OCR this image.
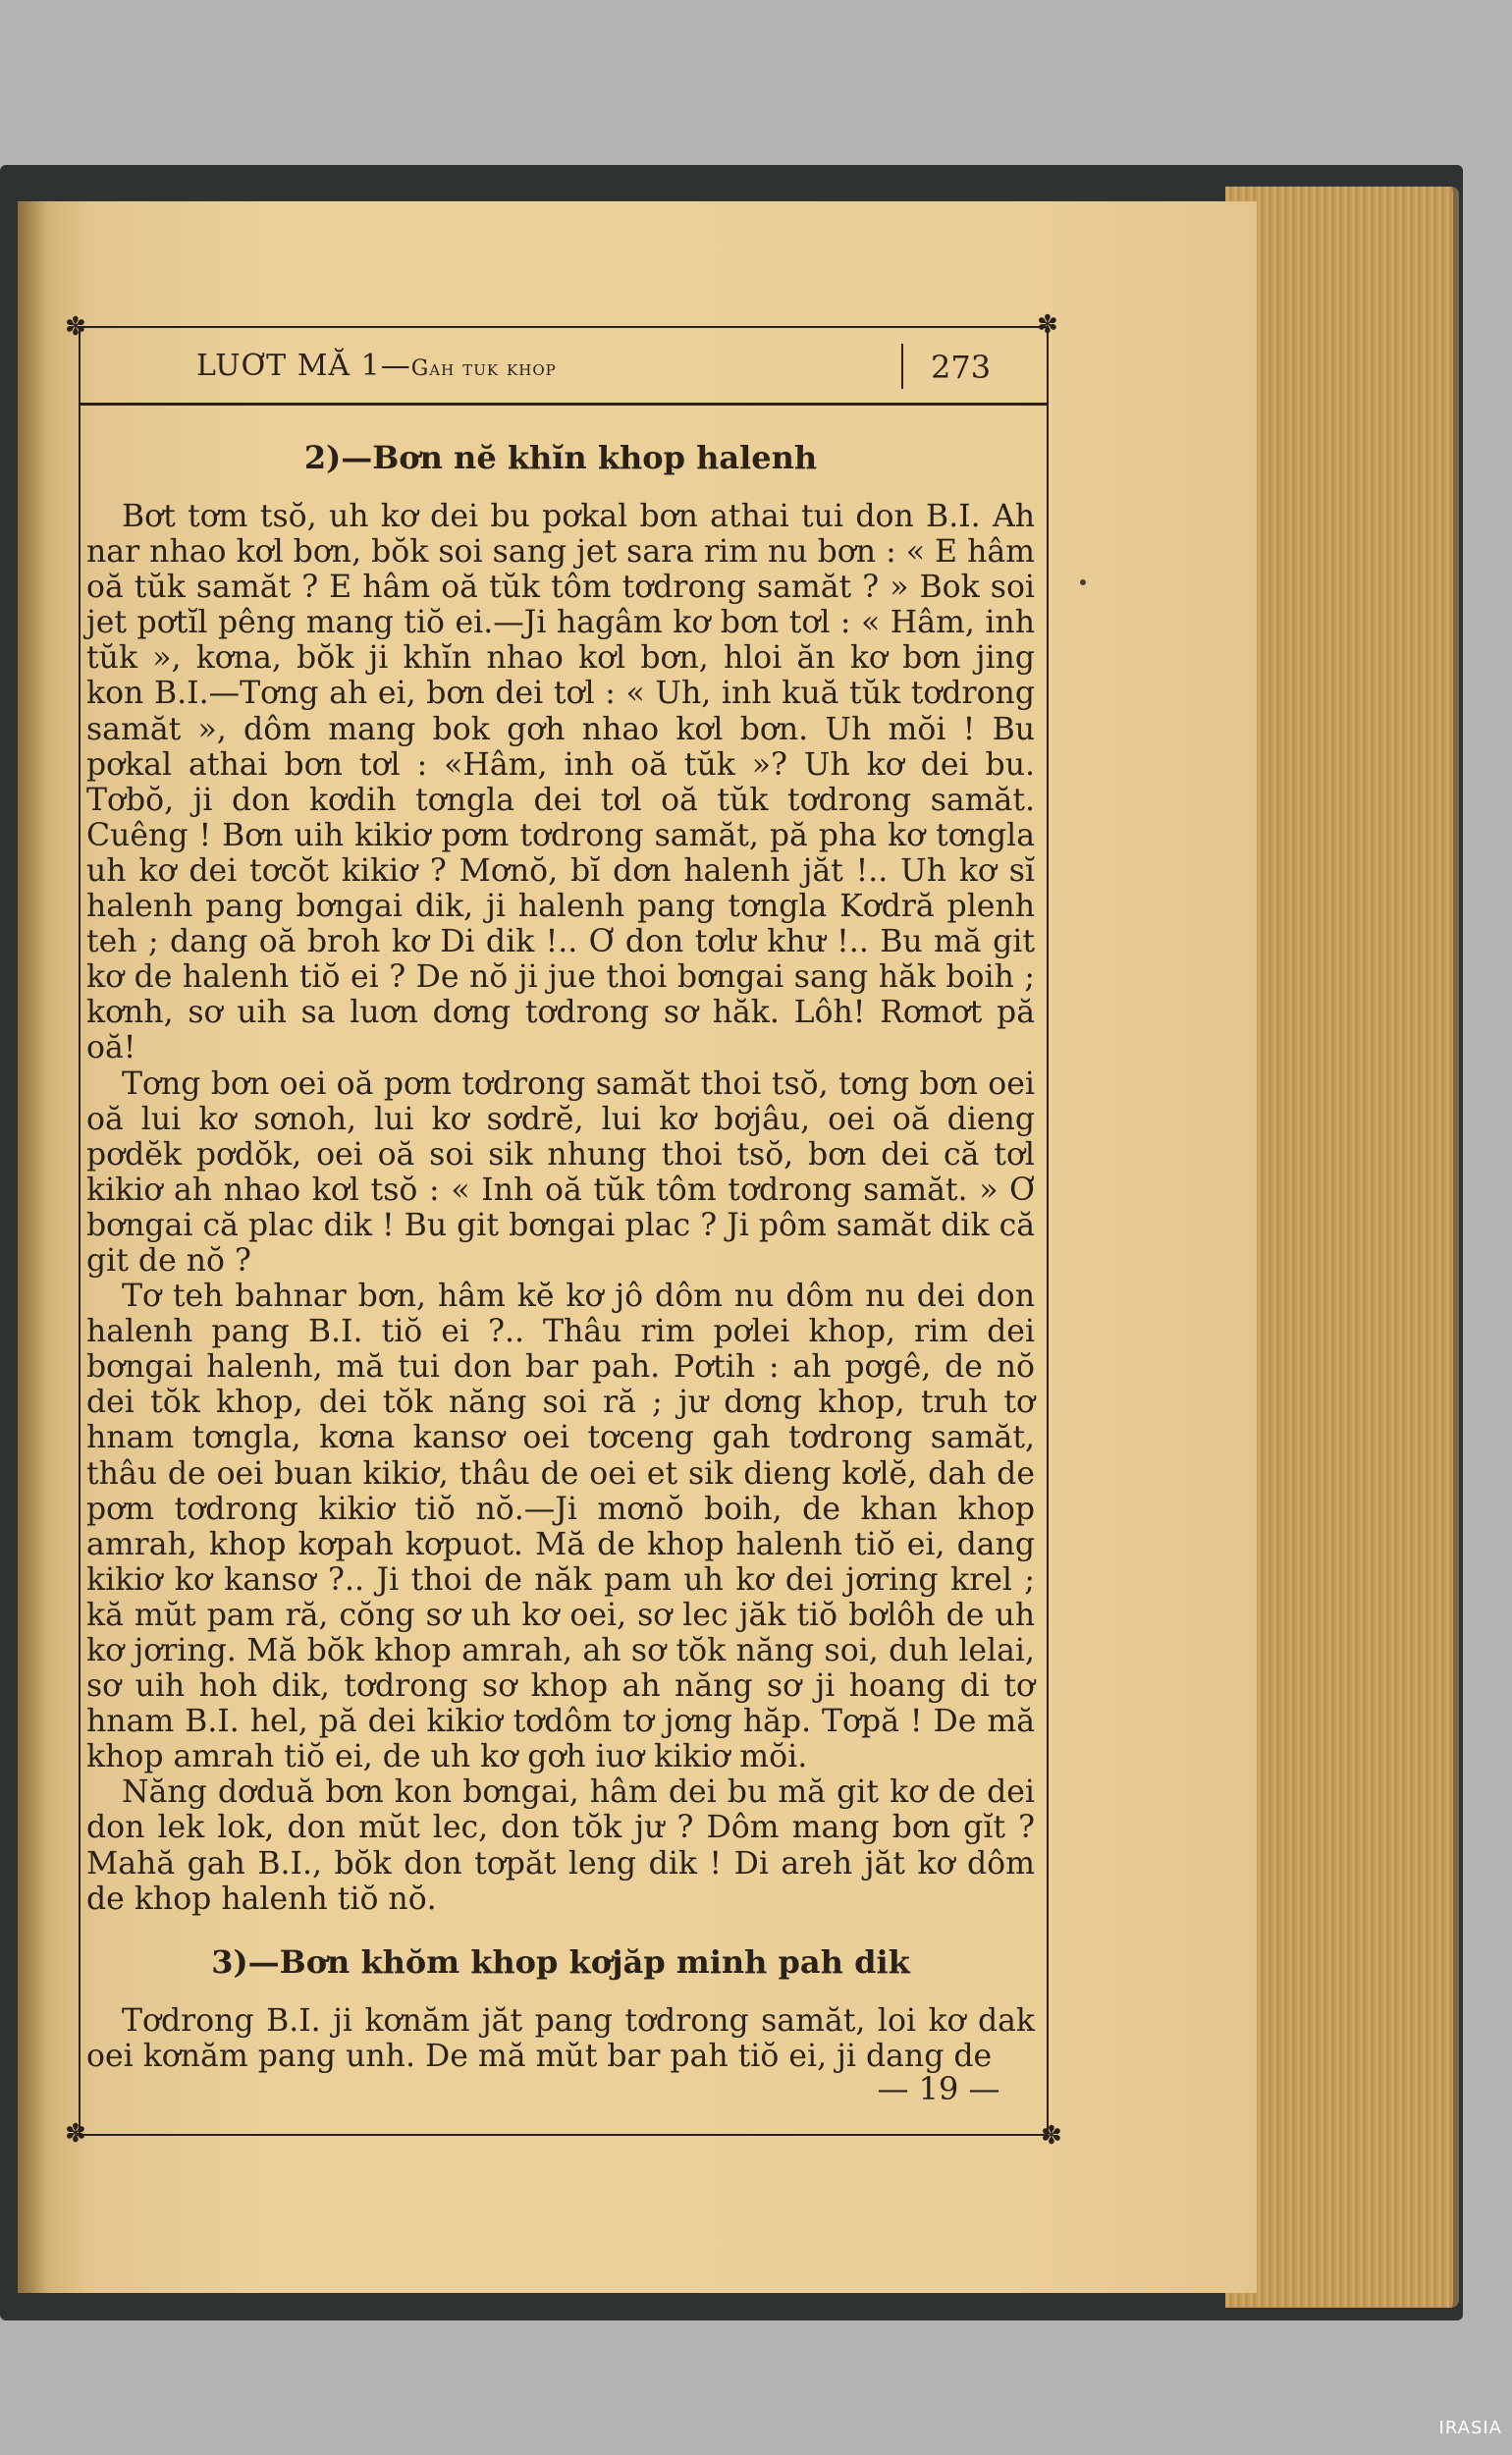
✽	✽
✽	✽
LUƠT MĂ 1—Gah tuk khop	273
2)—Bơn nĕ khĭn khop halenh

Bơt tơm tsŏ, uh kơ dei bu pơkal bơn athai tui don B.I. Ah nar nhao kơl bơn, bŏk soi sang jet sara rim nu bơn : « E hâm oă tŭk samăt ? E hâm oă tŭk tôm tơdrong samăt ? » Bok soi jet pơtĭl pêng mang tiŏ ei.—Ji hagâm kơ bơn tơl : « Hâm, inh tŭk », kơna, bŏk ji khĭn nhao kơl bơn, hloi ăn kơ bơn jing kon B.I.—Tơng ah ei, bơn dei tơl : « Uh, inh kuă tŭk tơdrong samăt », dôm mang bok gơh nhao kơl bơn. Uh mŏi ! Bu pơkal athai bơn tơl : «Hâm, inh oă tŭk »? Uh kơ dei bu. Tơbŏ, ji don kơdih tơngla dei tơl oă tŭk tơdrong samăt. Cuêng ! Bơn uih kikiơ pơm tơdrong samăt, pă pha kơ tơngla uh kơ dei tơcŏt kikiơ ? Mơnŏ, bĭ dơn halenh jăt !.. Uh kơ sĭ halenh pang bơngai dik, ji halenh pang tơngla Kơdră plenh teh ; dang oă broh kơ Di dik !.. Ơ don tơlư khư !.. Bu mă git kơ de halenh tiŏ ei ? De nŏ ji jue thoi bơngai sang hăk boih ; kơnh, sơ uih sa luơn dơng tơdrong sơ hăk. Lôh! Rơmơt pă oă!

Tơng bơn oei oă pơm tơdrong samăt thoi tsŏ, tơng bơn oei oă lui kơ sơnoh, lui kơ sơdrĕ, lui kơ bơjâu, oei oă dieng pơdĕk pơdŏk, oei oă soi sik nhung thoi tsŏ, bơn dei că tơl kikiơ ah nhao kơl tsŏ : « Inh oă tŭk tôm tơdrong samăt. » Ơ bơngai că plac dik ! Bu git bơngai plac ? Ji pôm samăt dik că git de nŏ ?

Tơ teh bahnar bơn, hâm kĕ kơ jô dôm nu dôm nu dei don halenh pang B.I. tiŏ ei ?.. Thâu rim pơlei khop, rim dei bơngai halenh, mă tui don bar pah. Pơtih : ah pơgê, de nŏ dei tŏk khop, dei tŏk năng soi ră ; jư dơng khop, truh tơ hnam tơngla, kơna kansơ oei tơceng gah tơdrong samăt, thâu de oei buan kikiơ, thâu de oei et sik dieng kơlĕ, dah de pơm tơdrong kikiơ tiŏ nŏ.—Ji mơnŏ boih, de khan khop amrah, khop kơpah kơpuot. Mă de khop halenh tiŏ ei, dang kikiơ kơ kansơ ?.. Ji thoi de năk pam uh kơ dei jơring krel ; kă mŭt pam ră, cŏng sơ uh kơ oei, sơ lec jăk tiŏ bơlôh de uh kơ jơring. Mă bŏk khop amrah, ah sơ tŏk năng soi, duh lelai, sơ uih hoh dik, tơdrong sơ khop ah năng sơ ji hoang di tơ hnam B.I. hel, pă dei kikiơ tơdôm tơ jơng hăp. Tơpă ! De mă khop amrah tiŏ ei, de uh kơ gơh iuơ kikiơ mŏi.

Năng dơduă bơn kon bơngai, hâm dei bu mă git kơ de dei don lek lok, don mŭt lec, don tŏk jư ? Dôm mang bơn gĭt ? Mahă gah B.I., bŏk don tơpăt leng dik ! Di areh jăt kơ dôm de khop halenh tiŏ nŏ.

3)—Bơn khŏm khop kơjăp minh pah dik

Tơdrong B.I. ji kơnăm jăt pang tơdrong samăt, loi kơ dak oei kơnăm pang unh. De mă mŭt bar pah tiŏ ei, ji dang de

— 19 —
IRASIA
